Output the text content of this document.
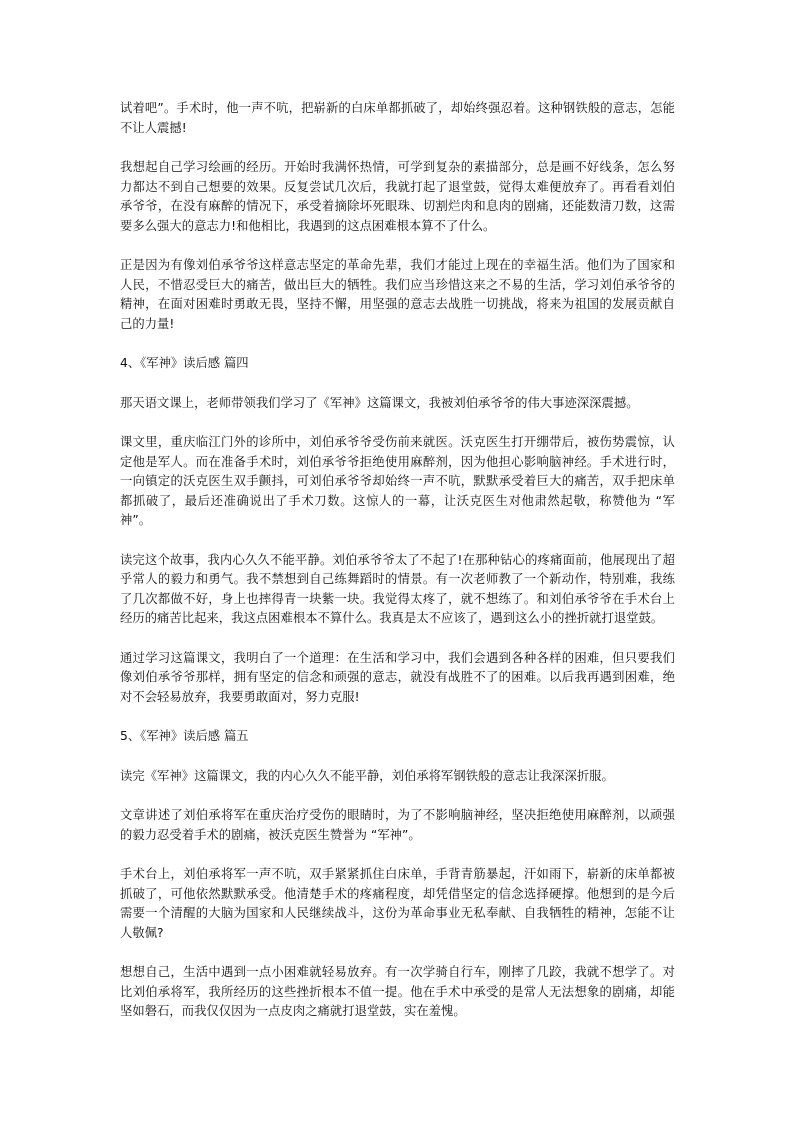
试着吧”。手术时，他一声不吭，把崭新的白床单都抓破了，却始终强忍着。这种钢铁般的意志，怎能不让人震撼!

我想起自己学习绘画的经历。开始时我满怀热情，可学到复杂的素描部分，总是画不好线条，怎么努力都达不到自己想要的效果。反复尝试几次后，我就打起了退堂鼓，觉得太难便放弃了。再看看刘伯承爷爷，在没有麻醉的情况下，承受着摘除坏死眼珠、切割烂肉和息肉的剧痛，还能数清刀数，这需要多么强大的意志力!和他相比，我遇到的这点困难根本算不了什么。

正是因为有像刘伯承爷爷这样意志坚定的革命先辈，我们才能过上现在的幸福生活。他们为了国家和人民，不惜忍受巨大的痛苦，做出巨大的牺牲。我们应当珍惜这来之不易的生活，学习刘伯承爷爷的精神，在面对困难时勇敢无畏，坚持不懈，用坚强的意志去战胜一切挑战，将来为祖国的发展贡献自己的力量!

4、《军神》读后感 篇四

那天语文课上，老师带领我们学习了《军神》这篇课文，我被刘伯承爷爷的伟大事迹深深震撼。

课文里，重庆临江门外的诊所中，刘伯承爷爷受伤前来就医。沃克医生打开绷带后，被伤势震惊，认定他是军人。而在准备手术时，刘伯承爷爷拒绝使用麻醉剂，因为他担心影响脑神经。手术进行时，一向镇定的沃克医生双手颤抖，可刘伯承爷爷却始终一声不吭，默默承受着巨大的痛苦，双手把床单都抓破了，最后还准确说出了手术刀数。这惊人的一幕，让沃克医生对他肃然起敬，称赞他为 “军神”。

读完这个故事，我内心久久不能平静。刘伯承爷爷太了不起了!在那种钻心的疼痛面前，他展现出了超乎常人的毅力和勇气。我不禁想到自己练舞蹈时的情景。有一次老师教了一个新动作，特别难，我练了几次都做不好，身上也摔得青一块紫一块。我觉得太疼了，就不想练了。和刘伯承爷爷在手术台上经历的痛苦比起来，我这点困难根本不算什么。我真是太不应该了，遇到这么小的挫折就打退堂鼓。

通过学习这篇课文，我明白了一个道理：在生活和学习中，我们会遇到各种各样的困难，但只要我们像刘伯承爷爷那样，拥有坚定的信念和顽强的意志，就没有战胜不了的困难。以后我再遇到困难，绝对不会轻易放弃，我要勇敢面对，努力克服!

5、《军神》读后感 篇五

读完《军神》这篇课文，我的内心久久不能平静，刘伯承将军钢铁般的意志让我深深折服。

文章讲述了刘伯承将军在重庆治疗受伤的眼睛时，为了不影响脑神经，坚决拒绝使用麻醉剂，以顽强的毅力忍受着手术的剧痛，被沃克医生赞誉为 “军神”。

手术台上，刘伯承将军一声不吭，双手紧紧抓住白床单，手背青筋暴起，汗如雨下，崭新的床单都被抓破了，可他依然默默承受。他清楚手术的疼痛程度，却凭借坚定的信念选择硬撑。他想到的是今后需要一个清醒的大脑为国家和人民继续战斗，这份为革命事业无私奉献、自我牺牲的精神，怎能不让人敬佩?

想想自己，生活中遇到一点小困难就轻易放弃。有一次学骑自行车，刚摔了几跤，我就不想学了。对比刘伯承将军，我所经历的这些挫折根本不值一提。他在手术中承受的是常人无法想象的剧痛，却能坚如磐石，而我仅仅因为一点皮肉之痛就打退堂鼓，实在羞愧。
